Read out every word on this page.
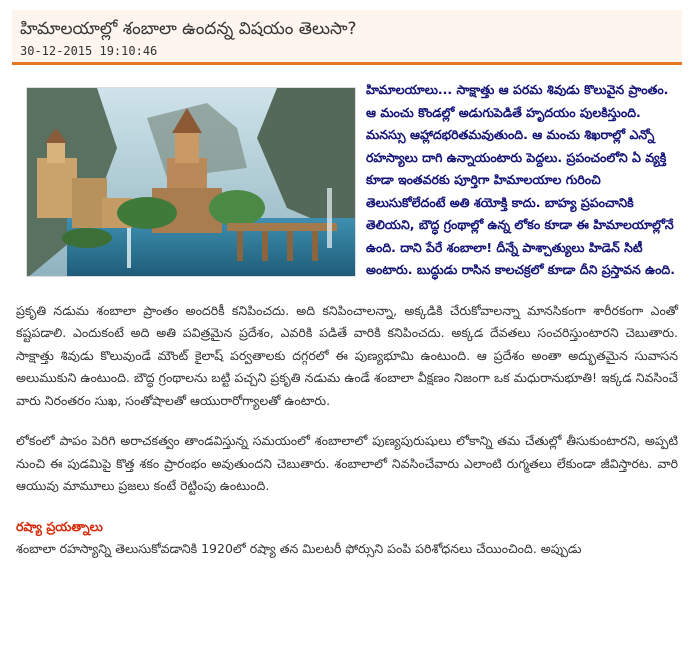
హిమాలయాల్లో శంబాలా ఉందన్న విషయం తెలుసా?
30-12-2015 19:10:46
హిమాలయాలు... సాక్షాత్తు ఆ పరమ శివుడు కొలువైన ప్రాంతం. ఆ మంచు కొండల్లో అడుగుపెడితే హృదయం పులకిస్తుంది. మనస్సు ఆహ్లాదభరితమవుతుంది. ఆ మంచు శిఖరాల్లో ఎన్నో రహస్యాలు దాగి ఉన్నాయంటారు పెద్దలు. ప్రపంచంలోని ఏ వ్యక్తి కూడా ఇంతవరకు పూర్తిగా హిమాలయాల గురించి తెలుసుకోలేదంటే అతి శయోక్తి కాదు. బాహ్య ప్రపంచానికి తెలియని, బౌద్ధ గ్రంథాల్లో ఉన్న లోకం కూడా ఈ హిమాలయాల్లోనే ఉంది. దాని పేరే శంబాలా! దీన్నే పాశ్చాత్యులు హిడెన్ సిటీ అంటారు. బుద్ధుడు రాసిన కాలచక్రలో కూడా దీని ప్రస్తావన ఉంది.
ప్రకృతి నడుమ శంబాలా ప్రాంతం అందరికీ కనిపించదు. అది కనిపించాలన్నా, అక్కడికి చేరుకోవాలన్నా మానసికంగా శారీరకంగా ఎంతో కష్టపడాలి. ఎందుకంటే అది అతి పవిత్రమైన ప్రదేశం, ఎవరికి పడితే వారికి కనిపించదు. అక్కడ దేవతలు సంచరిస్తుంటారని చెబుతారు. సాక్షాత్తు శివుడు కొలువుండే మౌంట్ కైలాష్ పర్వతాలకు దగ్గరలో ఈ పుణ్యభూమి ఉంటుంది. ఆ ప్రదేశం అంతా అద్భుతమైన సువాసన అలుముకుని ఉంటుంది. బౌద్ధ గ్రంథాలను బట్టి పచ్చని ప్రకృతి నడుమ ఉండే శంబాలా వీక్షణం నిజంగా ఒక మధురానుభూతి! ఇక్కడ నివసించే వారు నిరంతరం సుఖ, సంతోషాలతో ఆయురారోగ్యాలతో ఉంటారు.
లోకంలో పాపం పెరిగి అరాచకత్వం తాండవిస్తున్న సమయంలో శంబాలాలో పుణ్యపురుషులు లోకాన్ని తమ చేతుల్లో తీసుకుంటారని, అప్పటి నుంచి ఈ పుడమిపై కొత్త శకం ప్రారంభం అవుతుందని చెబుతారు. శంబాలాలో నివసించేవారు ఎలాంటి రుగ్మతలు లేకుండా జీవిస్తారట. వారి ఆయువు మామూలు ప్రజలు కంటే రెట్టింపు ఉంటుంది.
రష్యా ప్రయత్నాలు
శంబాలా రహస్యాన్ని తెలుసుకోవడానికి 1920లో రష్యా తన మిలటరీ ఫోర్సుని పంపి పరిశోధనలు చేయించింది. అప్పుడు
